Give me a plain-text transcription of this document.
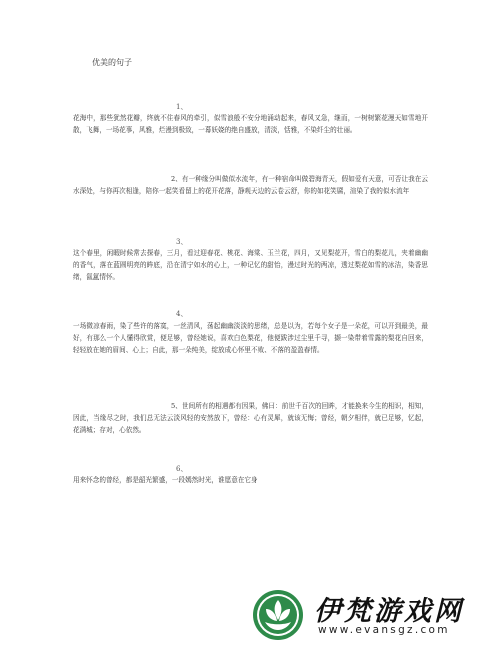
优美的句子
1、
花海中，那些犹然花瓣，终就不住春风的牵引，似雪浪般不安分地涌动起来，春风又急，继而，一树树繁花漫天如雪地开散，飞舞，一场花事，风雅，烂漫到极致，一幕妖娆的绝自盛放，清淡，恬雅，不染纤尘的壮丽。
2、有一种缘分叫做似水流年，有一种宿命叫做碧海青天，假如爱有天意，可否让我在云水深处，与你再次相逢，陪你一起笑看留上的花开花落，静观天边的云卷云舒，你的如花笑靥，渲染了我的似水流年
3、
这个春里，闲暇时候常去探春，三月，看过迎春花、桃花、海棠、玉兰花，四月，又见梨花开，雪白的梨花儿，夹着幽幽的香气，落在蓝圆明亮的眸底，沿在清宁如水的心上，一种记忆的甜怡，漫过时光的两凉，透过梨花如雪的冰洁，染香思绪，氤氲情怀。
4、
一场微凉春雨，染了些许的落寞，一丝清风，荡起幽幽淡淡的思绪，总是以为，若每个女子是一朵花，可以开到最美，最好，有那么一个人懂得欣赏，便足够，曾经她说，喜欢白色梨花，他便跋涉过尘里千寻，撷一染带着雪露的梨花自回来，轻轻放在她的眉间、心上；自此，那一朵纯美，绽放成心怀里不败、不落的盈盈春情。
5、世间所有的相遇都有因果，佛曰：前世千百次的回眸，才能换来今生的相识，相知，因此，当缘尽之时，我们总无法云淡风轻的安然放下，曾经：心有灵犀，就该无悔；曾经，朝夕相伴，就已足够，忆起，花满城；存对，心依然。
6、
用来怀念的曾经，都是韶光繁盛，一段嫣然时光，谁愿意在它身
伊梵游戏网
www.evansgz.com
